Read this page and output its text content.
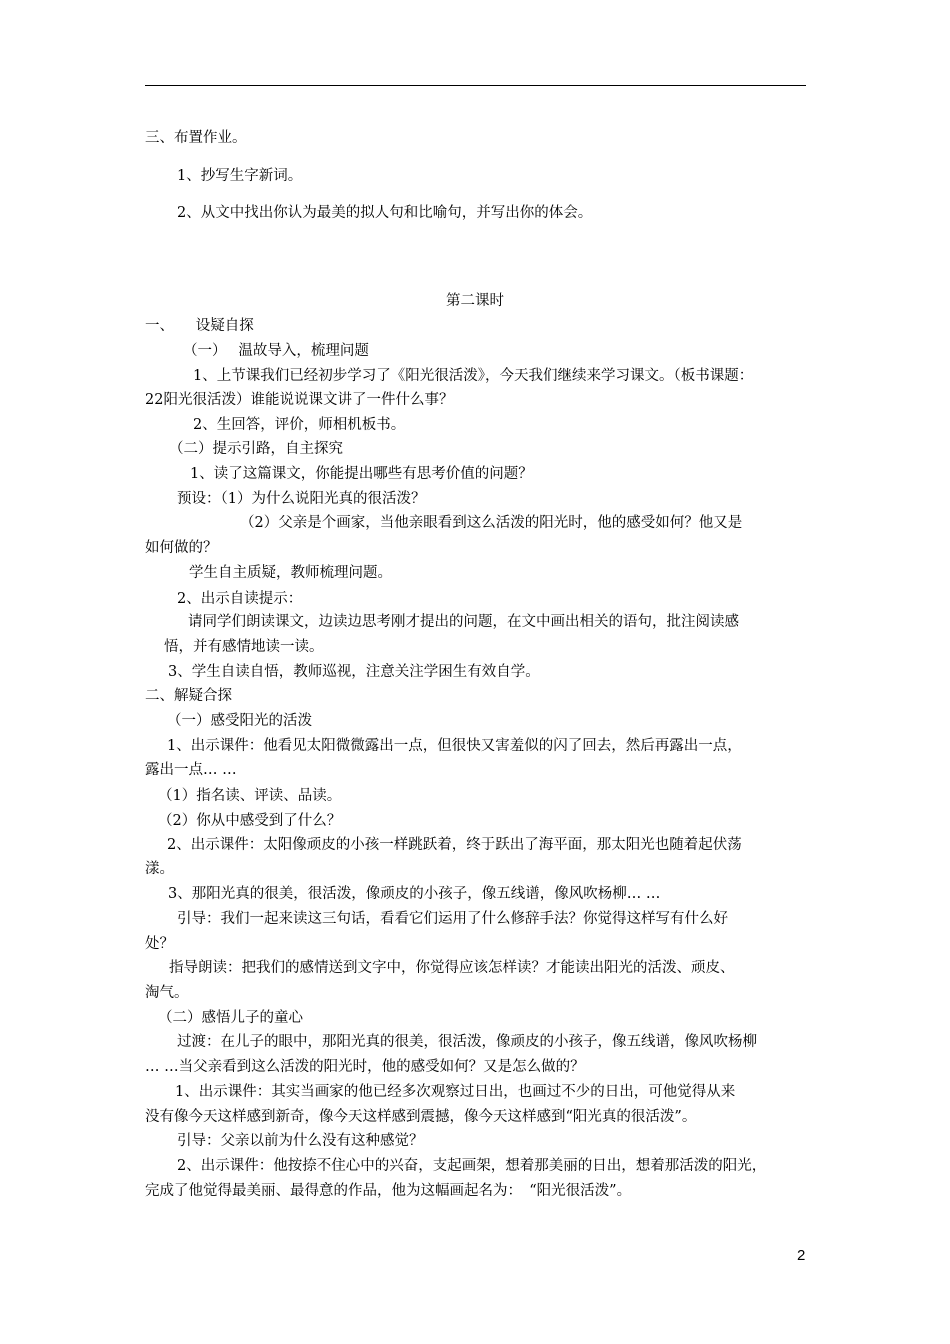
三、布置作业。
1、抄写生字新词。
2、从文中找出你认为最美的拟人句和比喻句，并写出你的体会。
第二课时
一、　　设疑自探
（一）　 温故导入，梳理问题
1、上节课我们已经初步学习了《阳光很活泼》，今天我们继续来学习课文。（板书课题：
22阳光很活泼）谁能说说课文讲了一件什么事？
2、生回答，评价，师相机板书。
（二）提示引路，自主探究
1、读了这篇课文，你能提出哪些有思考价值的问题？
预设：（1）为什么说阳光真的很活泼？
（2）父亲是个画家，当他亲眼看到这么活泼的阳光时，他的感受如何？他又是
如何做的？
学生自主质疑，教师梳理问题。
2、出示自读提示：
请同学们朗读课文，边读边思考刚才提出的问题，在文中画出相关的语句，批注阅读感
悟，并有感情地读一读。
3、学生自读自悟，教师巡视，注意关注学困生有效自学。
二、解疑合探
（一）感受阳光的活泼
1、出示课件：他看见太阳微微露出一点，但很快又害羞似的闪了回去，然后再露出一点，
露出一点… …
（1）指名读、评读、品读。
（2）你从中感受到了什么？
2、出示课件：太阳像顽皮的小孩一样跳跃着，终于跃出了海平面，那太阳光也随着起伏荡
漾。
3、那阳光真的很美，很活泼，像顽皮的小孩子，像五线谱，像风吹杨柳… …
引导：我们一起来读这三句话，看看它们运用了什么修辞手法？你觉得这样写有什么好
处？
指导朗读：把我们的感情送到文字中，你觉得应该怎样读？才能读出阳光的活泼、顽皮、
淘气。
（二）感悟儿子的童心
过渡：在儿子的眼中，那阳光真的很美，很活泼，像顽皮的小孩子，像五线谱，像风吹杨柳
… …当父亲看到这么活泼的阳光时，他的感受如何？又是怎么做的？
1、出示课件：其实当画家的他已经多次观察过日出，也画过不少的日出，可他觉得从来
没有像今天这样感到新奇，像今天这样感到震撼，像今天这样感到“阳光真的很活泼”。
引导：父亲以前为什么没有这种感觉？
2、出示课件：他按捺不住心中的兴奋，支起画架，想着那美丽的日出，想着那活泼的阳光，
完成了他觉得最美丽、最得意的作品，他为这幅画起名为：　“阳光很活泼”。
2
